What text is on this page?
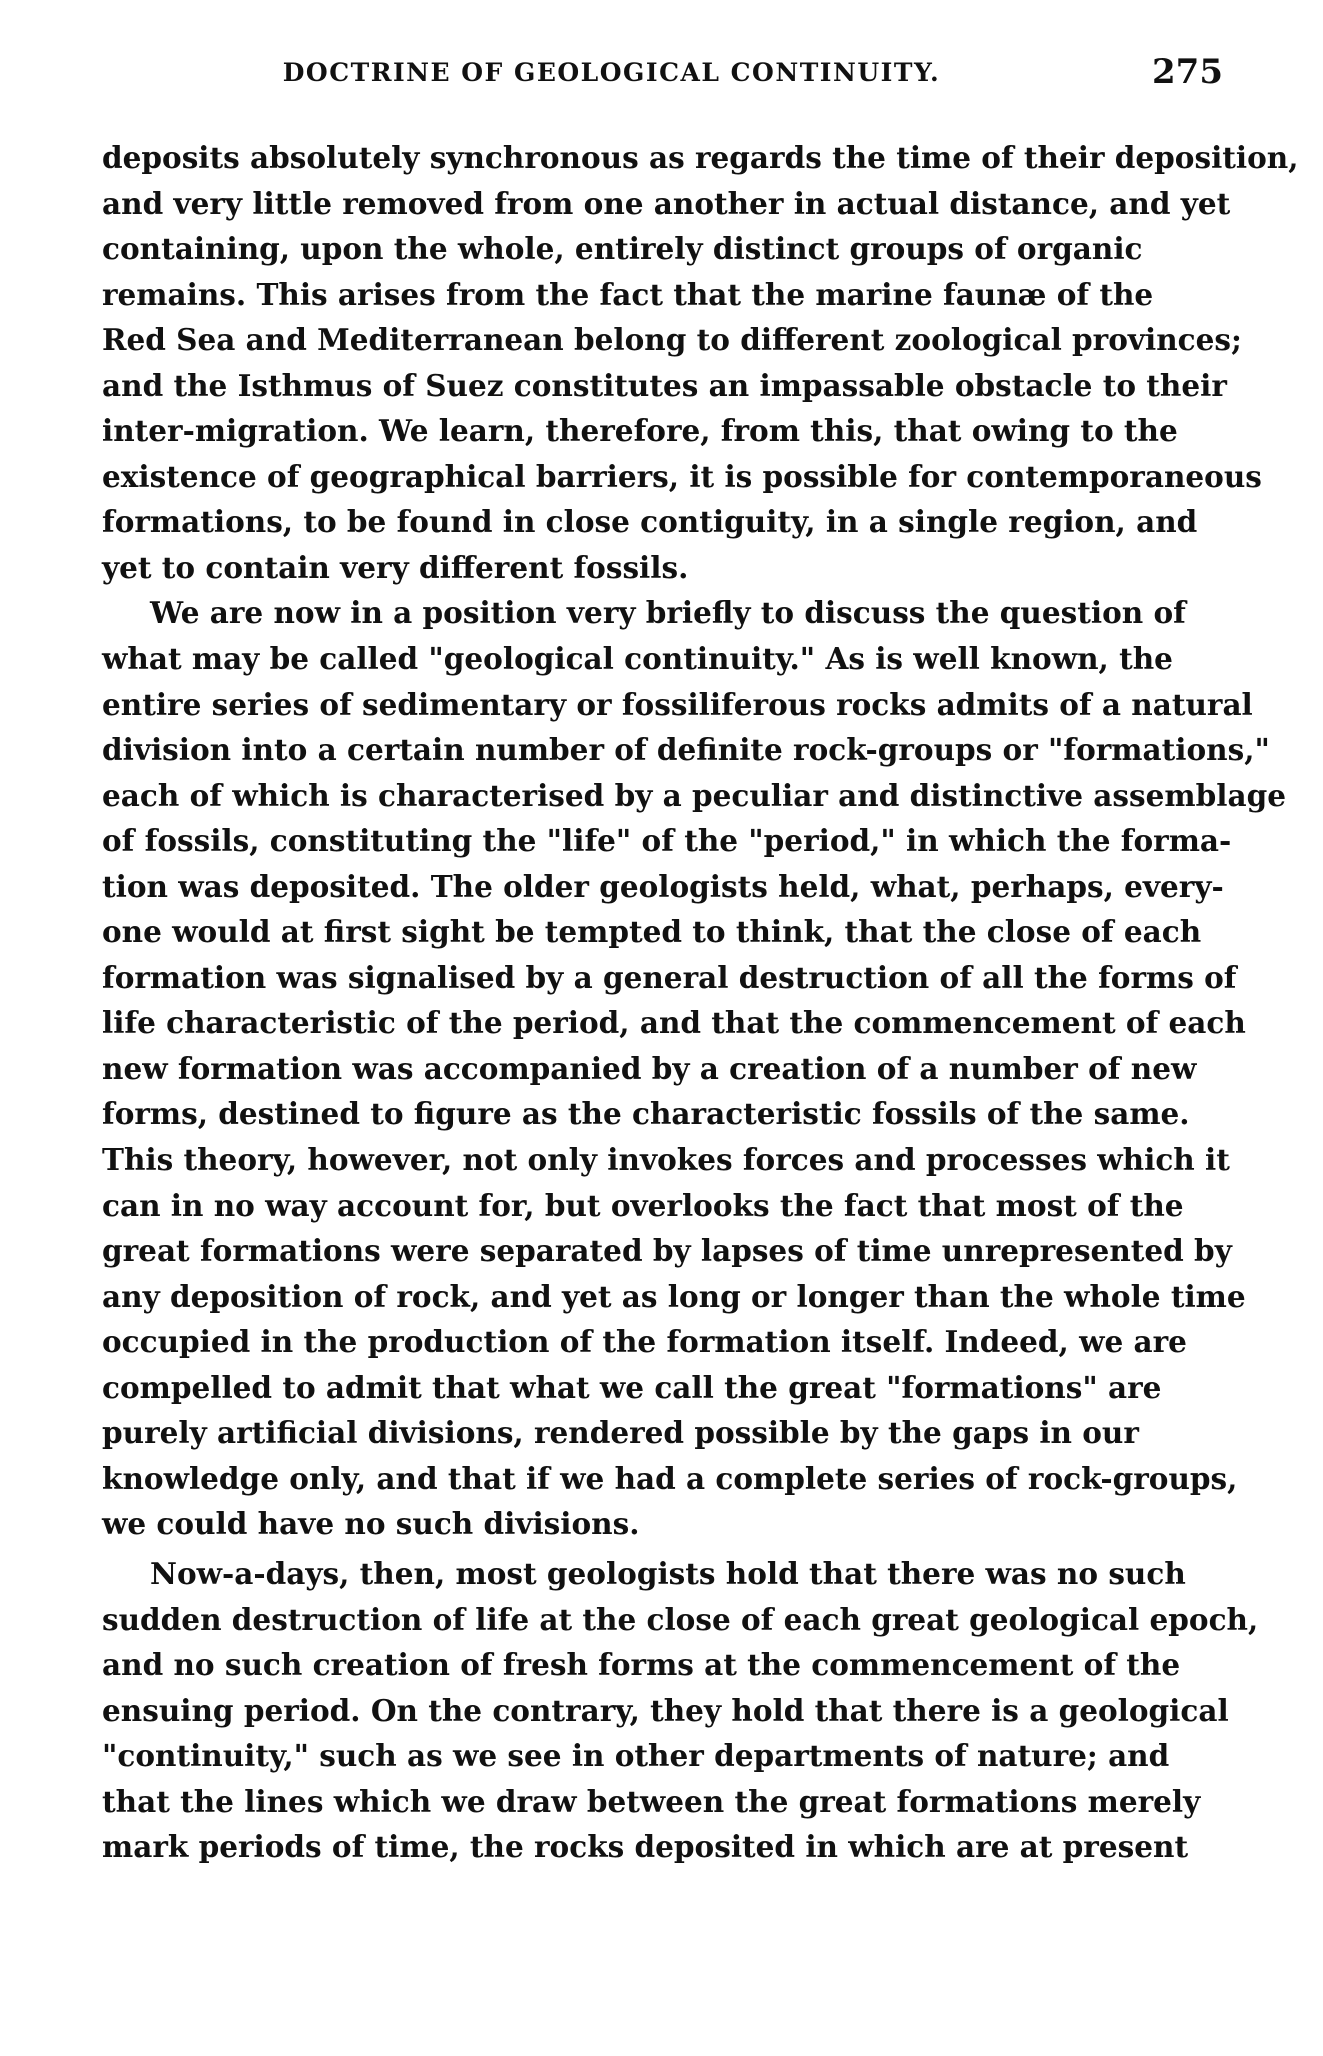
DOCTRINE OF GEOLOGICAL CONTINUITY.	275
deposits absolutely synchronous as regards the time of their deposition,
and very little removed from one another in actual distance, and yet
containing, upon the whole, entirely distinct groups of organic
remains. This arises from the fact that the marine faunæ of the
Red Sea and Mediterranean belong to different zoological provinces;
and the Isthmus of Suez constitutes an impassable obstacle to their
inter-migration. We learn, therefore, from this, that owing to the
existence of geographical barriers, it is possible for contemporaneous
formations, to be found in close contiguity, in a single region, and
yet to contain very different fossils.
We are now in a position very briefly to discuss the question of
what may be called "geological continuity." As is well known, the
entire series of sedimentary or fossiliferous rocks admits of a natural
division into a certain number of definite rock-groups or "formations,"
each of which is characterised by a peculiar and distinctive assemblage
of fossils, constituting the "life" of the "period," in which the forma-
tion was deposited. The older geologists held, what, perhaps, every-
one would at first sight be tempted to think, that the close of each
formation was signalised by a general destruction of all the forms of
life characteristic of the period, and that the commencement of each
new formation was accompanied by a creation of a number of new
forms, destined to figure as the characteristic fossils of the same.
This theory, however, not only invokes forces and processes which it
can in no way account for, but overlooks the fact that most of the
great formations were separated by lapses of time unrepresented by
any deposition of rock, and yet as long or longer than the whole time
occupied in the production of the formation itself. Indeed, we are
compelled to admit that what we call the great "formations" are
purely artificial divisions, rendered possible by the gaps in our
knowledge only, and that if we had a complete series of rock-groups,
we could have no such divisions.
Now-a-days, then, most geologists hold that there was no such
sudden destruction of life at the close of each great geological epoch,
and no such creation of fresh forms at the commencement of the
ensuing period. On the contrary, they hold that there is a geological
"continuity," such as we see in other departments of nature; and
that the lines which we draw between the great formations merely
mark periods of time, the rocks deposited in which are at present
